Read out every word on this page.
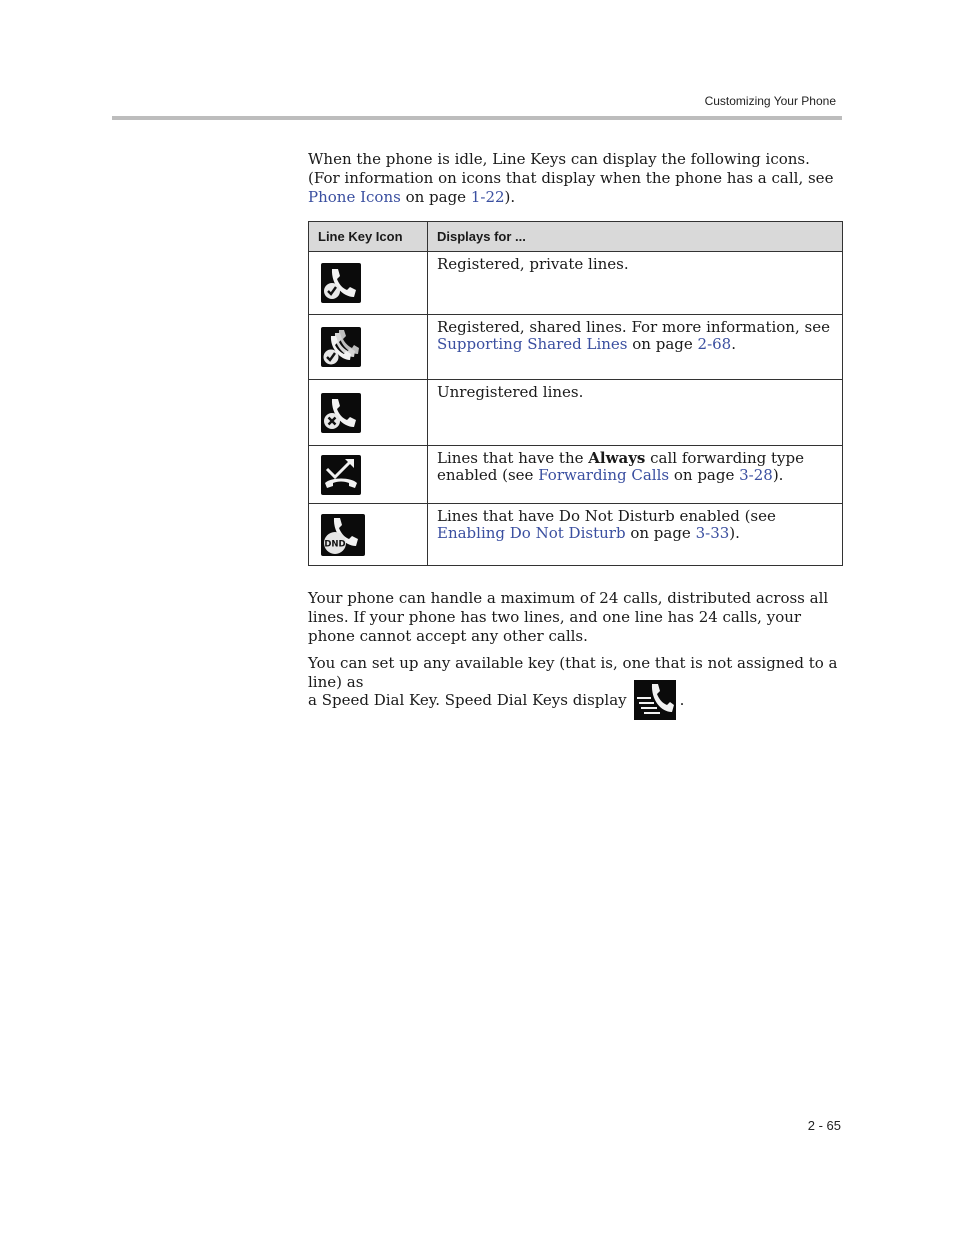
Customizing Your Phone

When the phone is idle, Line Keys can display the following icons. (For information on icons that display when the phone has a call, see Phone Icons on page 1-22).

Line Key Icon	Displays for ...

	Registered, private lines.

	Registered, shared lines. For more information, see Supporting Shared Lines on page 2-68.

	Unregistered lines.

	Lines that have the Always call forwarding type enabled (see Forwarding Calls on page 3-28).

DND	Lines that have Do Not Disturb enabled (see Enabling Do Not Disturb on page 3-33).

Your phone can handle a maximum of 24 calls, distributed across all lines. If your phone has two lines, and one line has 24 calls, your phone cannot accept any other calls.

You can set up any available key (that is, one that is not assigned to a line) as

a Speed Dial Key. Speed Dial Keys display	.
2 - 65
